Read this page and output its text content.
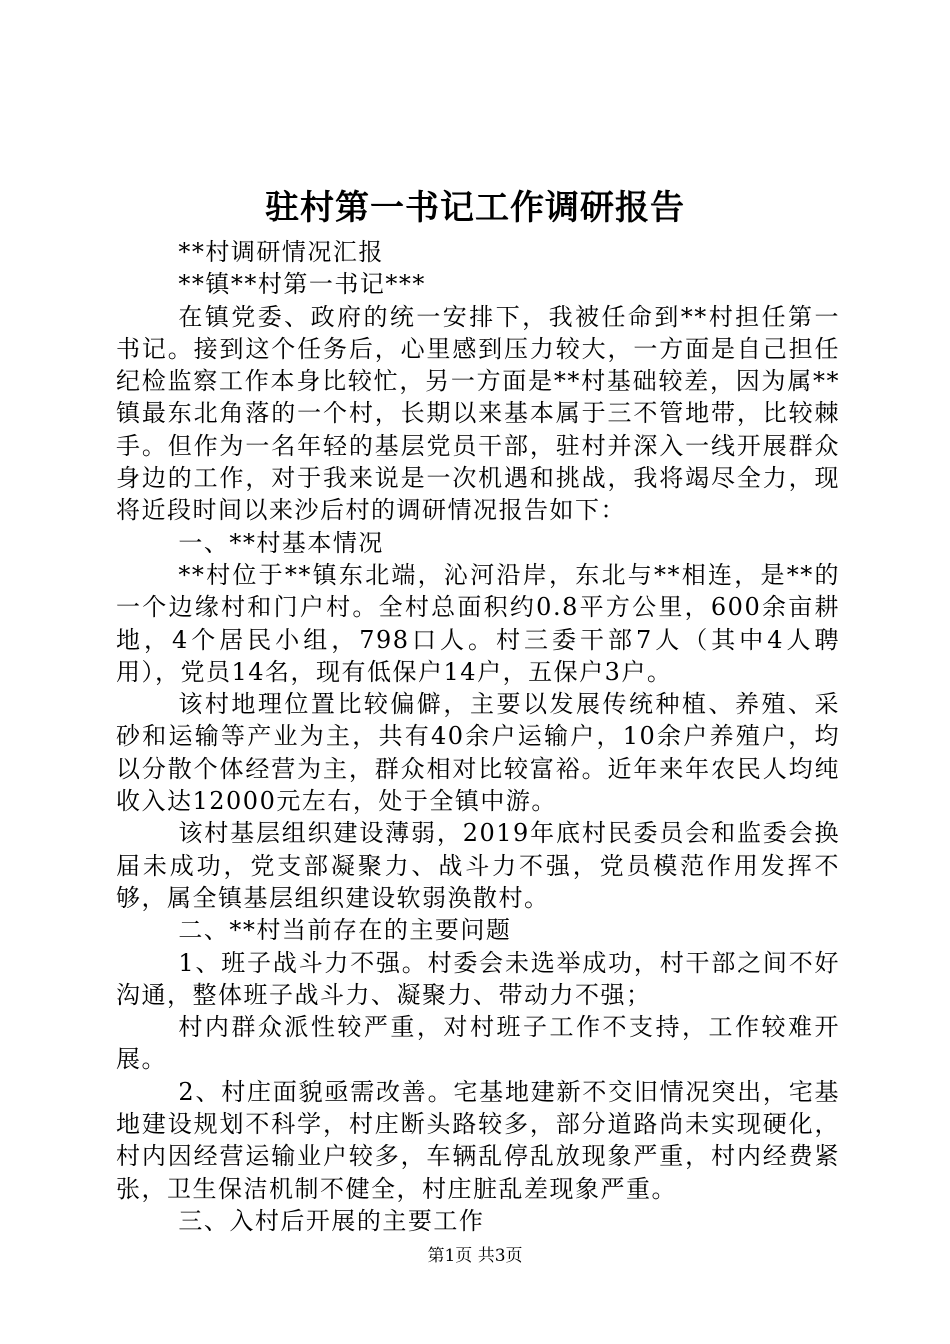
驻村第一书记工作调研报告

**村调研情况汇报

**镇**村第一书记***

在镇党委、政府的统一安排下，我被任命到**村担任第一书记。接到这个任务后，心里感到压力较大，一方面是自己担任纪检监察工作本身比较忙，另一方面是**村基础较差，因为属**镇最东北角落的一个村，长期以来基本属于三不管地带，比较棘手。但作为一名年轻的基层党员干部，驻村并深入一线开展群众身边的工作，对于我来说是一次机遇和挑战，我将竭尽全力，现将近段时间以来沙后村的调研情况报告如下：

一、**村基本情况

**村位于**镇东北端，沁河沿岸，东北与**相连，是**的一个边缘村和门户村。全村总面积约0.8平方公里，600余亩耕地，4个居民小组，798口人。村三委干部7人（其中4人聘用），党员14名，现有低保户14户，五保户3户。

该村地理位置比较偏僻，主要以发展传统种植、养殖、采砂和运输等产业为主，共有40余户运输户，10余户养殖户，均以分散个体经营为主，群众相对比较富裕。近年来年农民人均纯收入达12000元左右，处于全镇中游。

该村基层组织建设薄弱，2019年底村民委员会和监委会换届未成功，党支部凝聚力、战斗力不强，党员模范作用发挥不够，属全镇基层组织建设软弱涣散村。

二、**村当前存在的主要问题

1、班子战斗力不强。村委会未选举成功，村干部之间不好沟通，整体班子战斗力、凝聚力、带动力不强；

村内群众派性较严重，对村班子工作不支持，工作较难开展。

2、村庄面貌亟需改善。宅基地建新不交旧情况突出，宅基地建设规划不科学，村庄断头路较多，部分道路尚未实现硬化，村内因经营运输业户较多，车辆乱停乱放现象严重，村内经费紧张，卫生保洁机制不健全，村庄脏乱差现象严重。

三、入村后开展的主要工作

第1页 共3页
